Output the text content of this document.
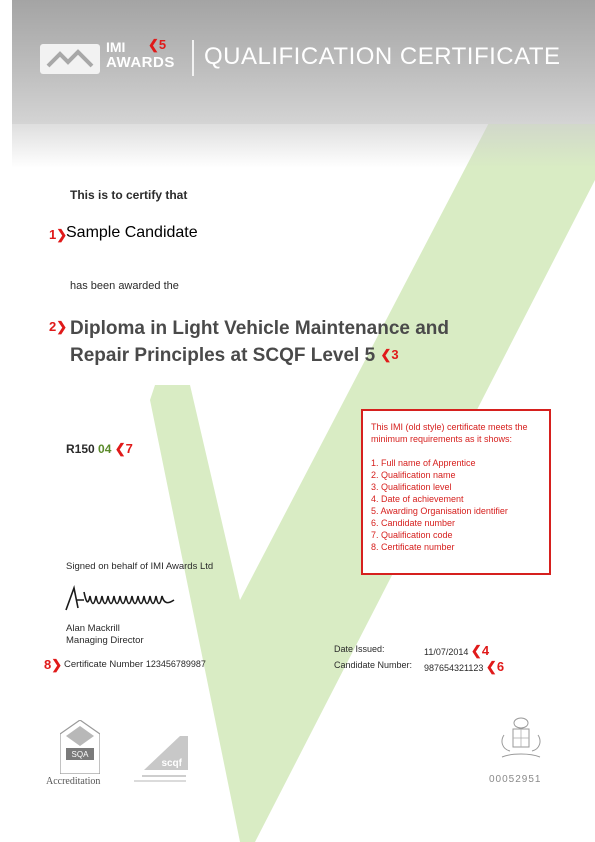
IMI
AWARDS
❮5 QUALIFICATION CERTIFICATE
This is to certify that
1❯
Sample Candidate
has been awarded the
2❯ Diploma in Light Vehicle Maintenance and
Repair Principles at SCQF Level 5 ❮3
R150 04 ❮7
This IMI (old style) certificate meets the minimum requirements as it shows:
1. Full name of Apprentice
2. Qualification name
3. Qualification level
4. Date of achievement
5. Awarding Organisation identifier
6. Candidate number
7. Qualification code
8. Certificate number
Signed on behalf of IMI Awards Ltd
Alan Mackrill
Managing Director
8❯ Certificate Number 123456789987
Date Issued:	11/07/2014 ❮4
Candidate Number: 987654321123 ❮6
SQA
Accreditation
scqf
00052951
